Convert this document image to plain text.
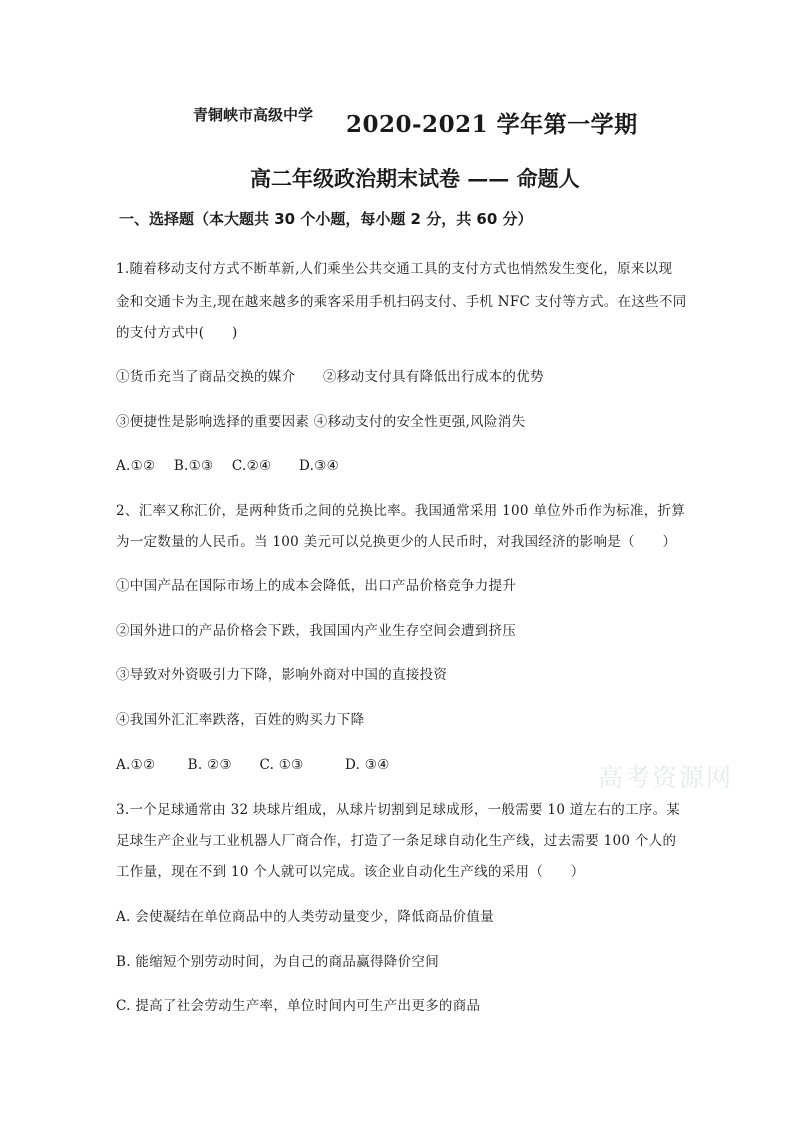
青铜峡市高级中学 2020-2021 学年第一学期
高二年级政治期末试卷 —— 命题人
一、选择题（本大题共 30 个小题，每小题 2 分，共 60 分）
1.随着移动支付方式不断革新,人们乘坐公共交通工具的支付方式也悄然发生变化，原来以现
金和交通卡为主,现在越来越多的乘客采用手机扫码支付、手机 NFC 支付等方式。在这些不同
的支付方式中(　　)
①货币充当了商品交换的媒介　　②移动支付具有降低出行成本的优势
③便捷性是影响选择的重要因素 ④移动支付的安全性更强,风险消失
A.①②　 B.①③　 C.②④　　D.③④
2、汇率又称汇价，是两种货币之间的兑换比率。我国通常采用 100 单位外币作为标准，折算
为一定数量的人民币。当 100 美元可以兑换更少的人民币时，对我国经济的影响是（　　）
①中国产品在国际市场上的成本会降低，出口产品价格竞争力提升
②国外进口的产品价格会下跌，我国国内产业生存空间会遭到挤压
③导致对外资吸引力下降，影响外商对中国的直接投资
④我国外汇汇率跌落，百姓的购买力下降
A.①②　　 B. ②③　　C. ①③　　　D. ③④
3.一个足球通常由 32 块球片组成，从球片切割到足球成形，一般需要 10 道左右的工序。某
足球生产企业与工业机器人厂商合作，打造了一条足球自动化生产线，过去需要 100 个人的
工作量，现在不到 10 个人就可以完成。该企业自动化生产线的采用（　　）
A. 会使凝结在单位商品中的人类劳动量变少，降低商品价值量
B. 能缩短个别劳动时间，为自己的商品赢得降价空间
C. 提高了社会劳动生产率，单位时间内可生产出更多的商品
高考资源网
